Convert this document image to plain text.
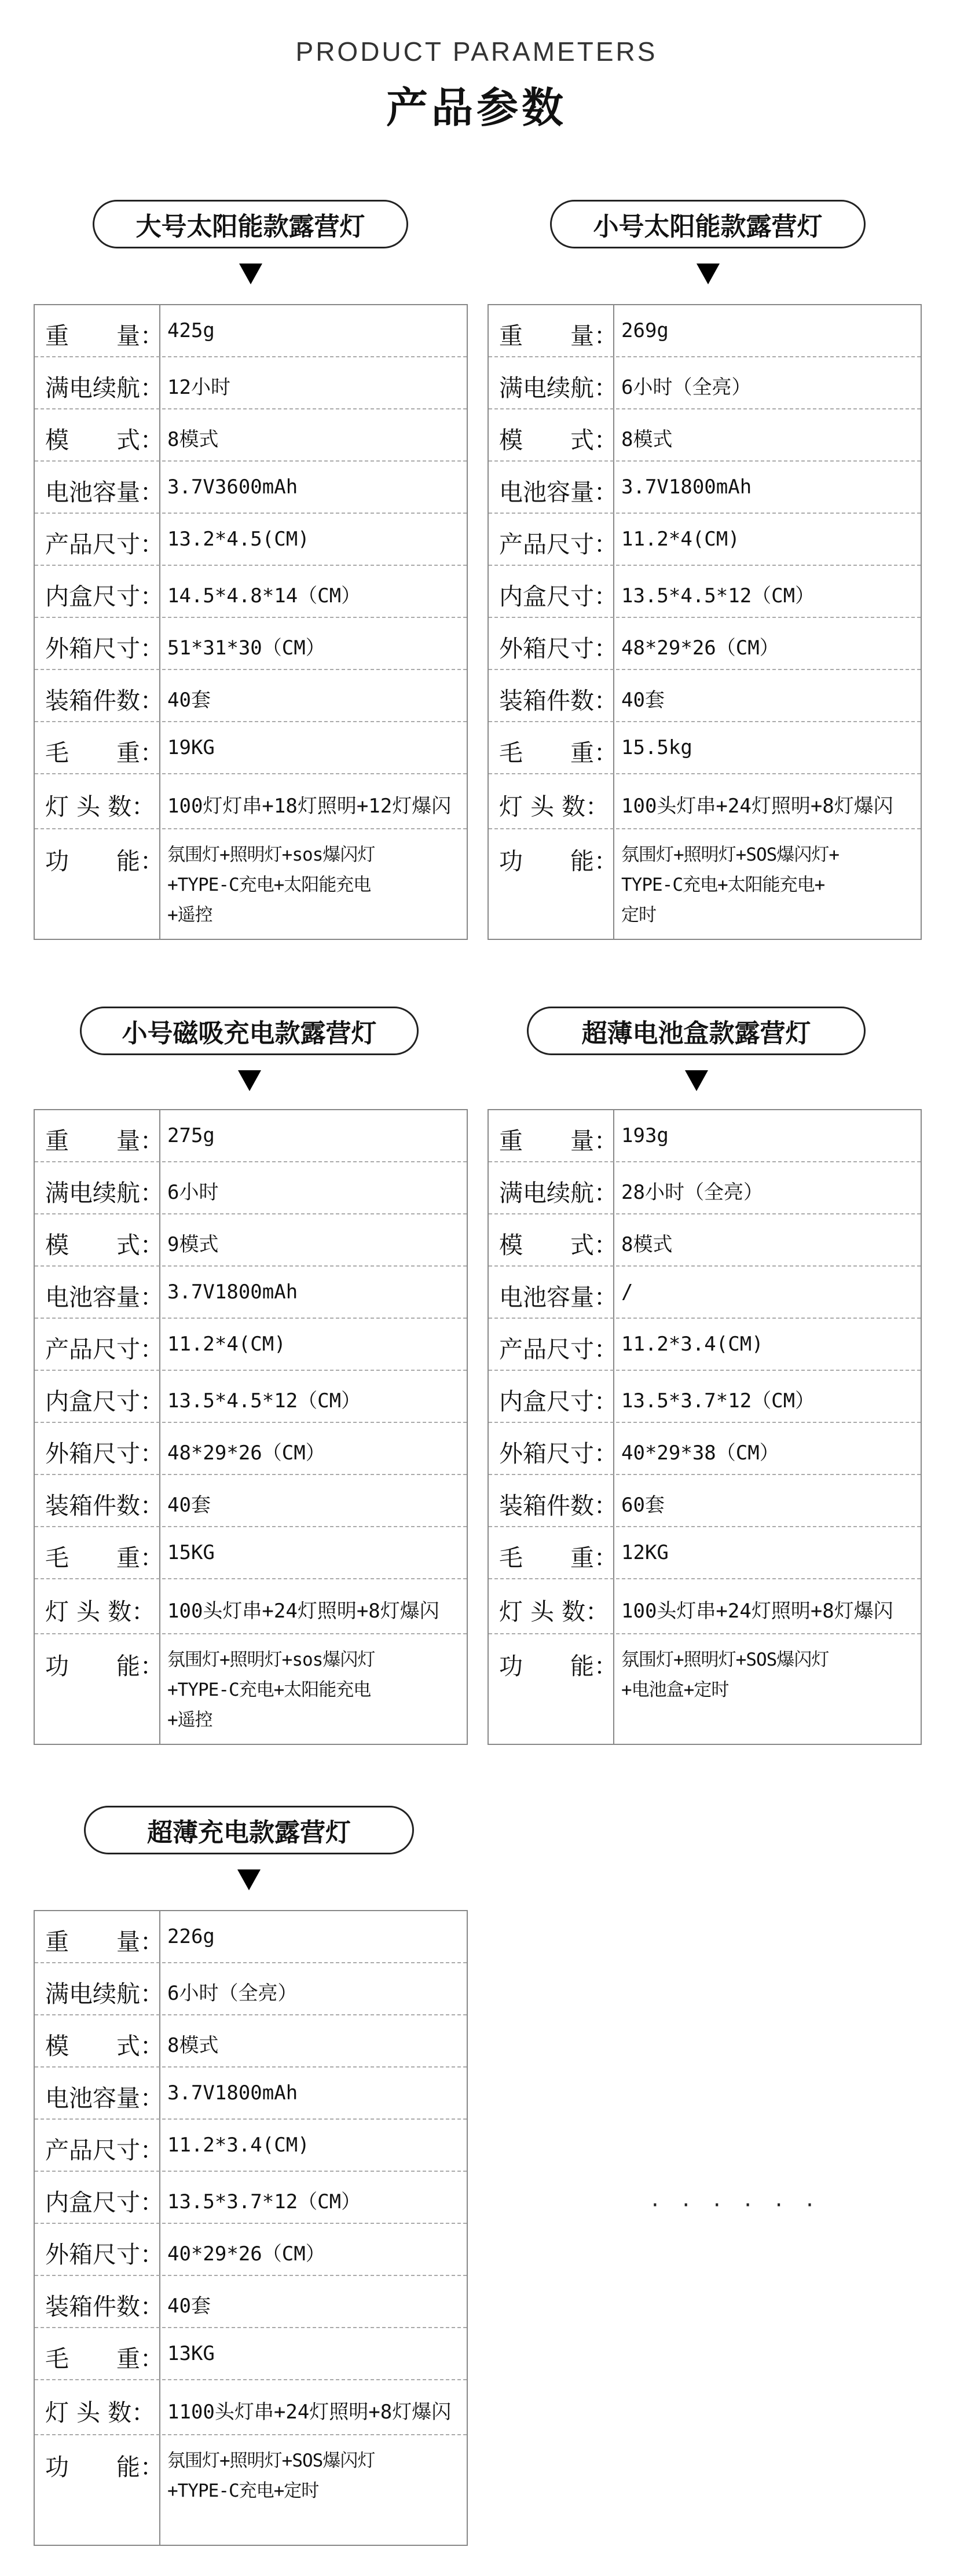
PRODUCT PARAMETERS
产品参数
· · · · · ·
大号太阳能款露营灯
重　　量： 425g
满电续航： 12小时
模　　式： 8模式
电池容量： 3.7V3600mAh
产品尺寸： 13.2*4.5(CM)
内盒尺寸： 14.5*4.8*14（CM）
外箱尺寸： 51*31*30（CM）
装箱件数： 40套
毛　　重： 19KG
灯 头 数： 100灯灯串+18灯照明+12灯爆闪
功　　能： 氛围灯+照明灯+sos爆闪灯
+TYPE-C充电+太阳能充电
+遥控
小号太阳能款露营灯
重　　量： 269g
满电续航： 6小时（全亮）
模　　式： 8模式
电池容量： 3.7V1800mAh
产品尺寸： 11.2*4(CM)
内盒尺寸： 13.5*4.5*12（CM）
外箱尺寸： 48*29*26（CM）
装箱件数： 40套
毛　　重： 15.5kg
灯 头 数： 100头灯串+24灯照明+8灯爆闪
功　　能： 氛围灯+照明灯+SOS爆闪灯+
TYPE-C充电+太阳能充电+
定时
小号磁吸充电款露营灯
重　　量： 275g
满电续航： 6小时
模　　式： 9模式
电池容量： 3.7V1800mAh
产品尺寸： 11.2*4(CM)
内盒尺寸： 13.5*4.5*12（CM）
外箱尺寸： 48*29*26（CM）
装箱件数： 40套
毛　　重： 15KG
灯 头 数： 100头灯串+24灯照明+8灯爆闪
功　　能： 氛围灯+照明灯+sos爆闪灯
+TYPE-C充电+太阳能充电
+遥控
超薄电池盒款露营灯
重　　量： 193g
满电续航： 28小时（全亮）
模　　式： 8模式
电池容量： /
产品尺寸： 11.2*3.4(CM)
内盒尺寸： 13.5*3.7*12（CM）
外箱尺寸： 40*29*38（CM）
装箱件数： 60套
毛　　重： 12KG
灯 头 数： 100头灯串+24灯照明+8灯爆闪
功　　能： 氛围灯+照明灯+SOS爆闪灯
+电池盒+定时
超薄充电款露营灯
重　　量： 226g
满电续航： 6小时（全亮）
模　　式： 8模式
电池容量： 3.7V1800mAh
产品尺寸： 11.2*3.4(CM)
内盒尺寸： 13.5*3.7*12（CM）
外箱尺寸： 40*29*26（CM）
装箱件数： 40套
毛　　重： 13KG
灯 头 数： 1100头灯串+24灯照明+8灯爆闪
功　　能： 氛围灯+照明灯+SOS爆闪灯
+TYPE-C充电+定时
